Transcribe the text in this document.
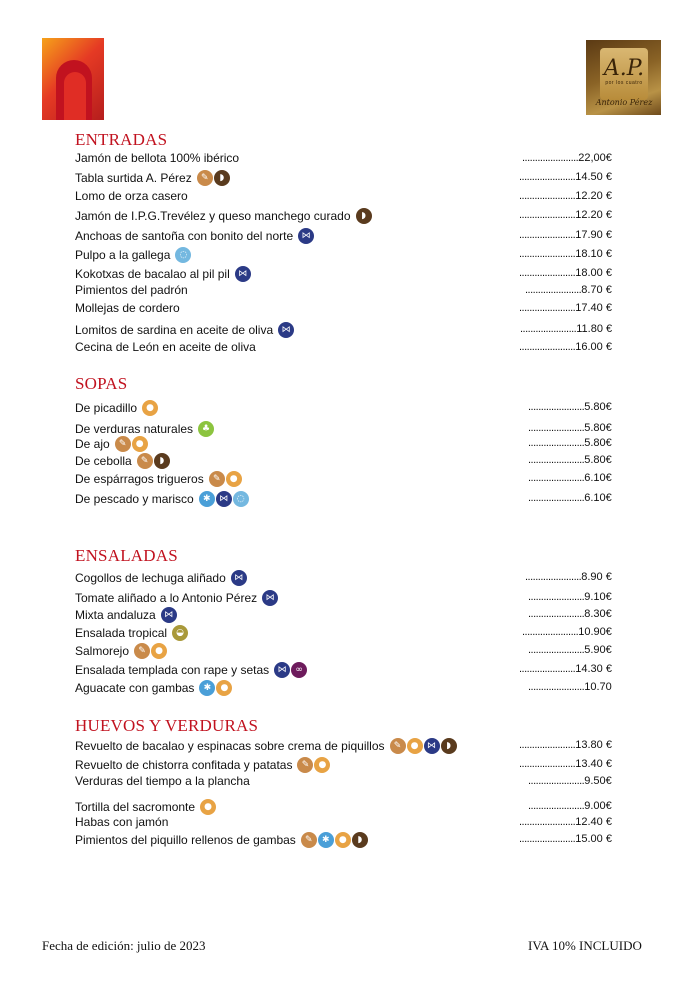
A.P.
por los cuatro
Antonio Pérez
ENTRADAS
Jamón de bellota 100% ibérico	......................22,00€
Tabla surtida A. Pérez	✎	◗	......................14.50 €
Lomo de orza casero	......................12.20 €
Jamón de I.P.G.Trevélez y queso manchego curado	◗	......................12.20 €
Anchoas de santoña con bonito del norte ⋈	......................17.90 €
Pulpo a la gallega	◌	......................18.10 €
Kokotxas de bacalao al pil pil ⋈	......................18.00 €
Pimientos del padrón	......................8.70 €
Mollejas de cordero	......................17.40 €
Lomitos de sardina en aceite de oliva ⋈	......................11.80 €
Cecina de León en aceite de oliva	......................16.00 €
SOPAS
De picadillo	●	......................5.80€
De verduras naturales ♣	......................5.80€
De ajo	✎	●	......................5.80€
De cebolla	✎	◗	......................5.80€
De espárragos trigueros	✎	●	......................6.10€
De pescado y marisco	✱ ⋈ ◌	......................6.10€
ENSALADAS
Cogollos de lechuga aliñado ⋈	......................8.90 €
Tomate aliñado a lo Antonio Pérez ⋈	......................9.10€
Mixta andaluza ⋈	......................8.30€
Ensalada tropical	◒	......................10.90€
Salmorejo	✎	●	......................5.90€
Ensalada templada con rape y setas ⋈ ∞	......................14.30 €
Aguacate con gambas	✱	●	......................10.70
HUEVOS Y VERDURAS
Revuelto de bacalao y espinacas sobre crema de piquillos	✎	● ⋈	◗	......................13.80 €
Revuelto de chistorra confitada y patatas	✎	●	......................13.40 €
Verduras del tiempo a la plancha	......................9.50€
Tortilla del sacromonte	●	......................9.00€
Habas con jamón	......................12.40 €
Pimientos del piquillo rellenos de gambas	✎	✱	●	◗	......................15.00 €
Fecha de edición: julio de 2023	IVA 10% INCLUIDO
